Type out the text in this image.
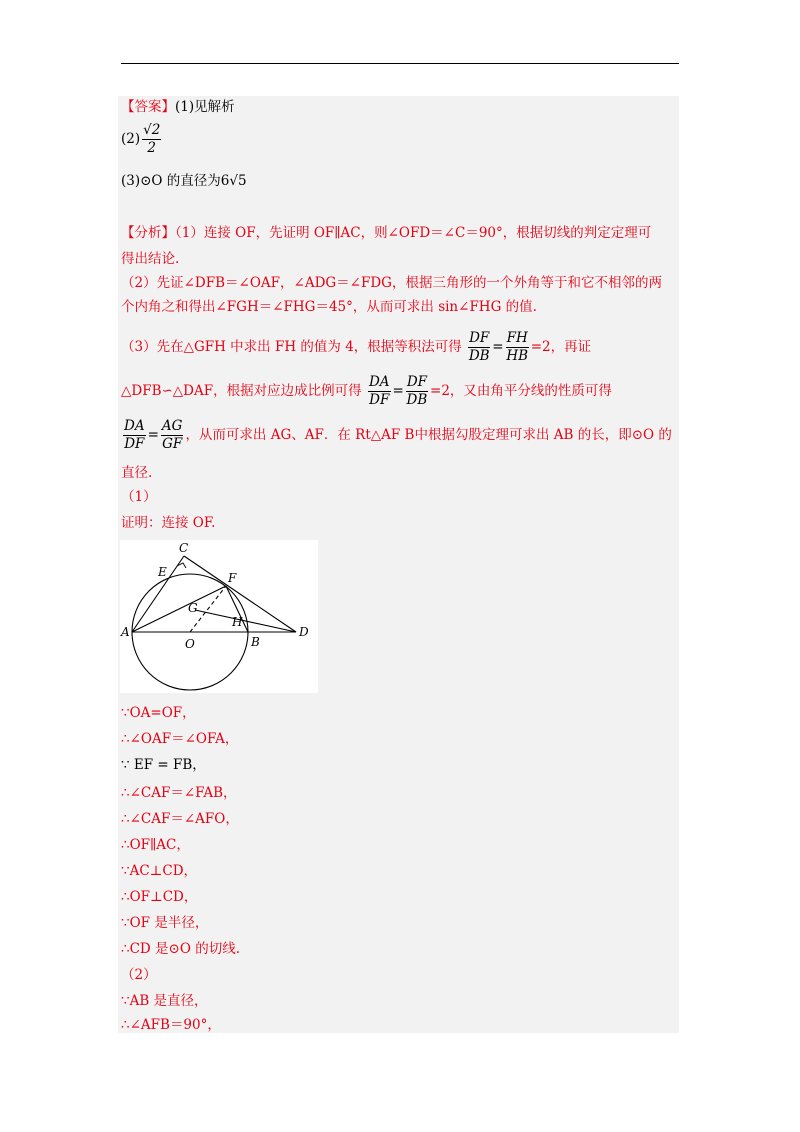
【答案】(1)见解析
$(2) \frac{√2}{2}$
(3)⊙O 的直径为6√5
【分析】（1）连接 OF，先证明 OF∥AC，则∠OFD＝∠C＝90°，根据切线的判定定理可
得出结论.
（2）先证∠DFB＝∠OAF，∠ADG＝∠FDG，根据三角形的一个外角等于和它不相邻的两
个内角之和得出∠FGH＝∠FHG＝45°，从而可求出 sin∠FHG 的值.
（3）先在△GFH 中求出 FH 的值为 4，根据等积法可得 $\frac{DF}{DB} = \frac{FH}{HB} =2$，再证
△DFB∽△DAF，根据对应边成比例可得 $\frac{DA}{DF} = \frac{DF}{DB} =2$，又由角平分线的性质可得
$\frac{DA}{DF} = \frac{AG}{GF}$ ，从而可求出 AG、AF．在 Rt△AF B中根据勾股定理可求出 AB 的长，即⊙O 的
直径.
（1）
证明：连接 OF.
C
E	F
G
H
A
O	B
D
∵OA=OF，
∴∠OAF＝∠OFA，
∵ EF = FB，
∴∠CAF＝∠FAB，
∴∠CAF＝∠AFO，
∴OF∥AC，
∵AC⊥CD，
∴OF⊥CD，
∵OF 是半径，
∴CD 是⊙O 的切线.
（2）
∵AB 是直径，
∴∠AFB＝90°，
